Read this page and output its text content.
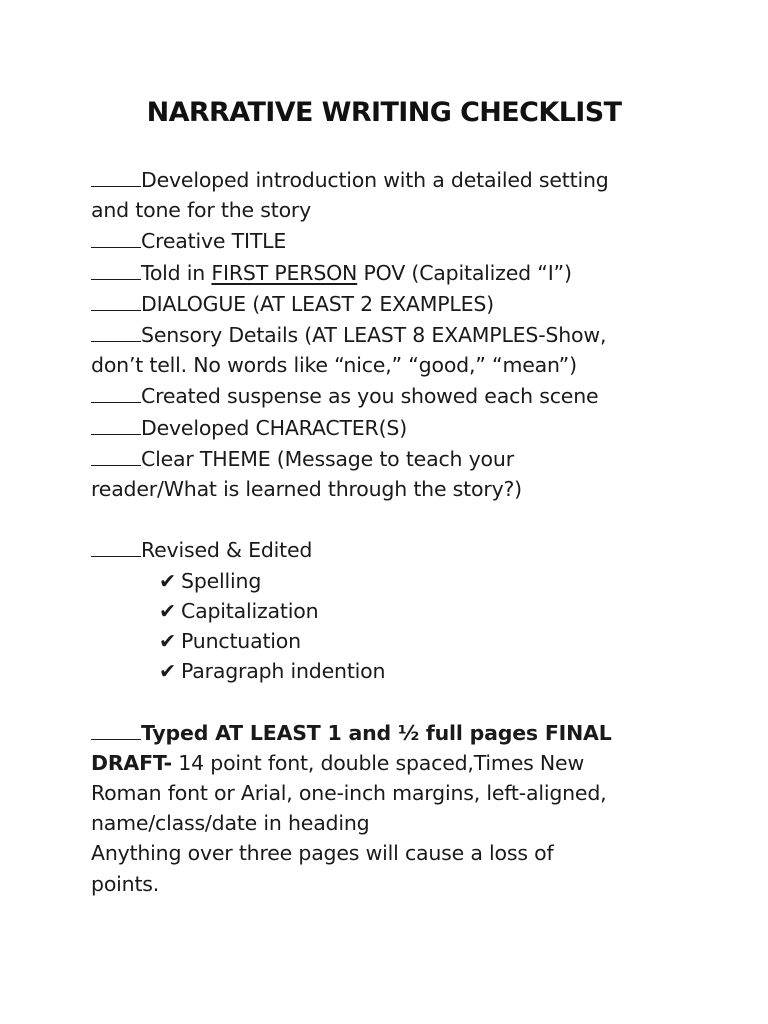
NARRATIVE WRITING CHECKLIST
Developed introduction with a detailed setting
and tone for the story
Creative TITLE
Told in FIRST PERSON POV (Capitalized “I”)
DIALOGUE (AT LEAST 2 EXAMPLES)
Sensory Details (AT LEAST 8 EXAMPLES-Show,
don’t tell. No words like “nice,” “good,” “mean”)
Created suspense as you showed each scene
Developed CHARACTER(S)
Clear THEME (Message to teach your
reader/What is learned through the story?)
Revised & Edited
✔ Spelling
✔ Capitalization
✔ Punctuation
✔ Paragraph indention
Typed AT LEAST 1 and ½ full pages FINAL
DRAFT- 14 point font, double spaced,Times New
Roman font or Arial, one-inch margins, left-aligned,
name/class/date in heading
Anything over three pages will cause a loss of
points.
